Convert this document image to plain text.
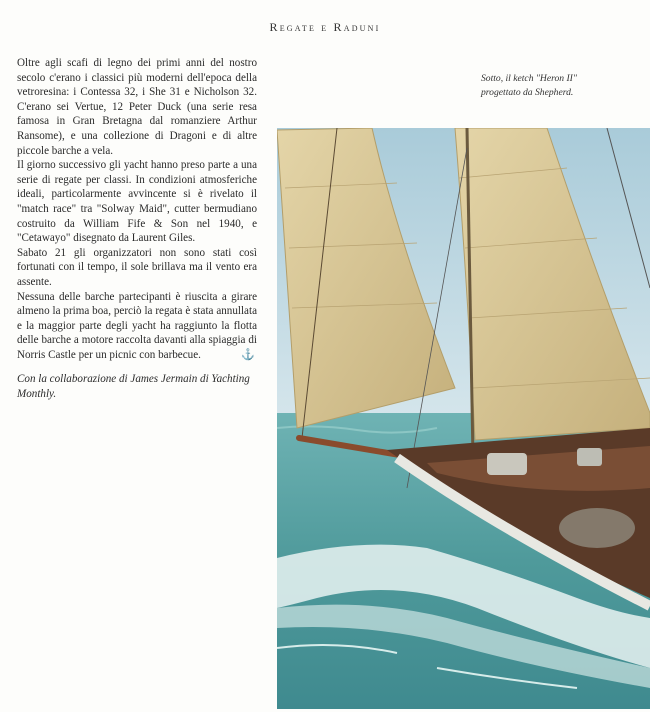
Regate e Raduni

Oltre agli scafi di legno dei primi anni del nostro secolo c'erano i classici più moderni dell'epoca della vetroresina: i Contessa 32, i She 31 e Nicholson 32. C'erano sei Vertue, 12 Peter Duck (una serie resa famosa in Gran Bretagna dal romanziere Arthur Ransome), e una collezione di Dragoni e di altre piccole barche a vela.

Il giorno successivo gli yacht hanno preso parte a una serie di regate per classi. In condizioni atmosferiche ideali, particolarmente avvincente si è rivelato il "match race" tra "Solway Maid", cutter bermudiano costruito da William Fife & Son nel 1940, e "Cetawayo" disegnato da Laurent Giles.

Sabato 21 gli organizzatori non sono stati così fortunati con il tempo, il sole brillava ma il vento era assente.

Nessuna delle barche partecipanti è riuscita a girare almeno la prima boa, perciò la regata è stata annullata e la maggior parte degli yacht ha raggiunto la flotta delle barche a motore raccolta davanti alla spiaggia di Norris Castle per un picnic con barbecue.	⚓

Con la collaborazione di James Jermain di Yachting Monthly.
Sotto, il ketch "Heron II" progettato da Shepherd.
